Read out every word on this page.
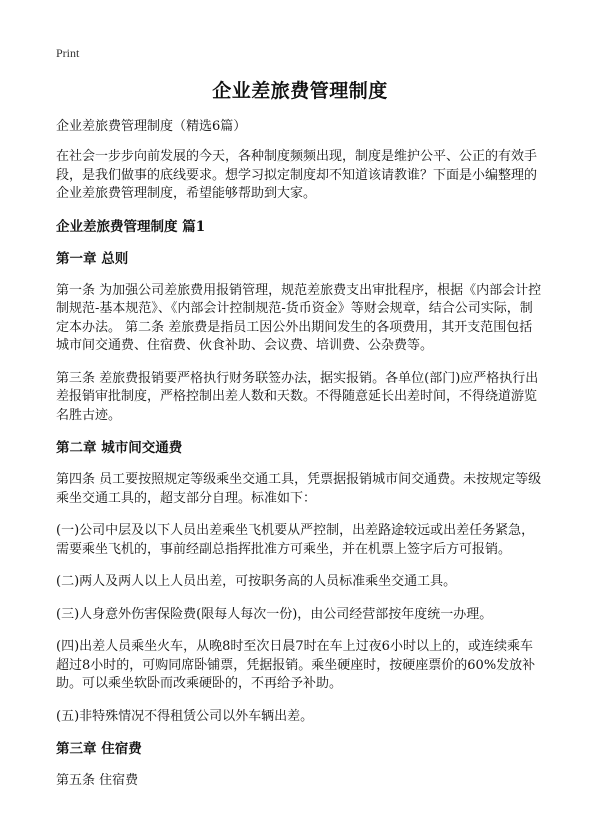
Print
企业差旅费管理制度
企业差旅费管理制度（精选6篇）

在社会一步步向前发展的今天，各种制度频频出现，制度是维护公平、公正的有效手段，是我们做事的底线要求。想学习拟定制度却不知道该请教谁？下面是小编整理的企业差旅费管理制度，希望能够帮助到大家。

企业差旅费管理制度 篇1
第一章 总则

第一条 为加强公司差旅费用报销管理，规范差旅费支出审批程序，根据《内部会计控制规范-基本规范》、《内部会计控制规范-货币资金》等财会规章，结合公司实际，制定本办法。 第二条 差旅费是指员工因公外出期间发生的各项费用，其开支范围包括城市间交通费、住宿费、伙食补助、会议费、培训费、公杂费等。

第三条 差旅费报销要严格执行财务联签办法，据实报销。各单位(部门)应严格执行出差报销审批制度，严格控制出差人数和天数。不得随意延长出差时间，不得绕道游览名胜古迹。

第二章 城市间交通费

第四条 员工要按照规定等级乘坐交通工具，凭票据报销城市间交通费。未按规定等级乘坐交通工具的，超支部分自理。标准如下：

(一)公司中层及以下人员出差乘坐飞机要从严控制，出差路途较远或出差任务紧急，需要乘坐飞机的，事前经副总指挥批准方可乘坐，并在机票上签字后方可报销。

(二)两人及两人以上人员出差，可按职务高的人员标准乘坐交通工具。

(三)人身意外伤害保险费(限每人每次一份)，由公司经营部按年度统一办理。

(四)出差人员乘坐火车，从晚8时至次日晨7时在车上过夜6小时以上的，或连续乘车超过8小时的，可购同席卧铺票，凭据报销。乘坐硬座时，按硬座票价的60%发放补助。可以乘坐软卧而改乘硬卧的，不再给予补助。

(五)非特殊情况不得租赁公司以外车辆出差。

第三章 住宿费

第五条 住宿费
